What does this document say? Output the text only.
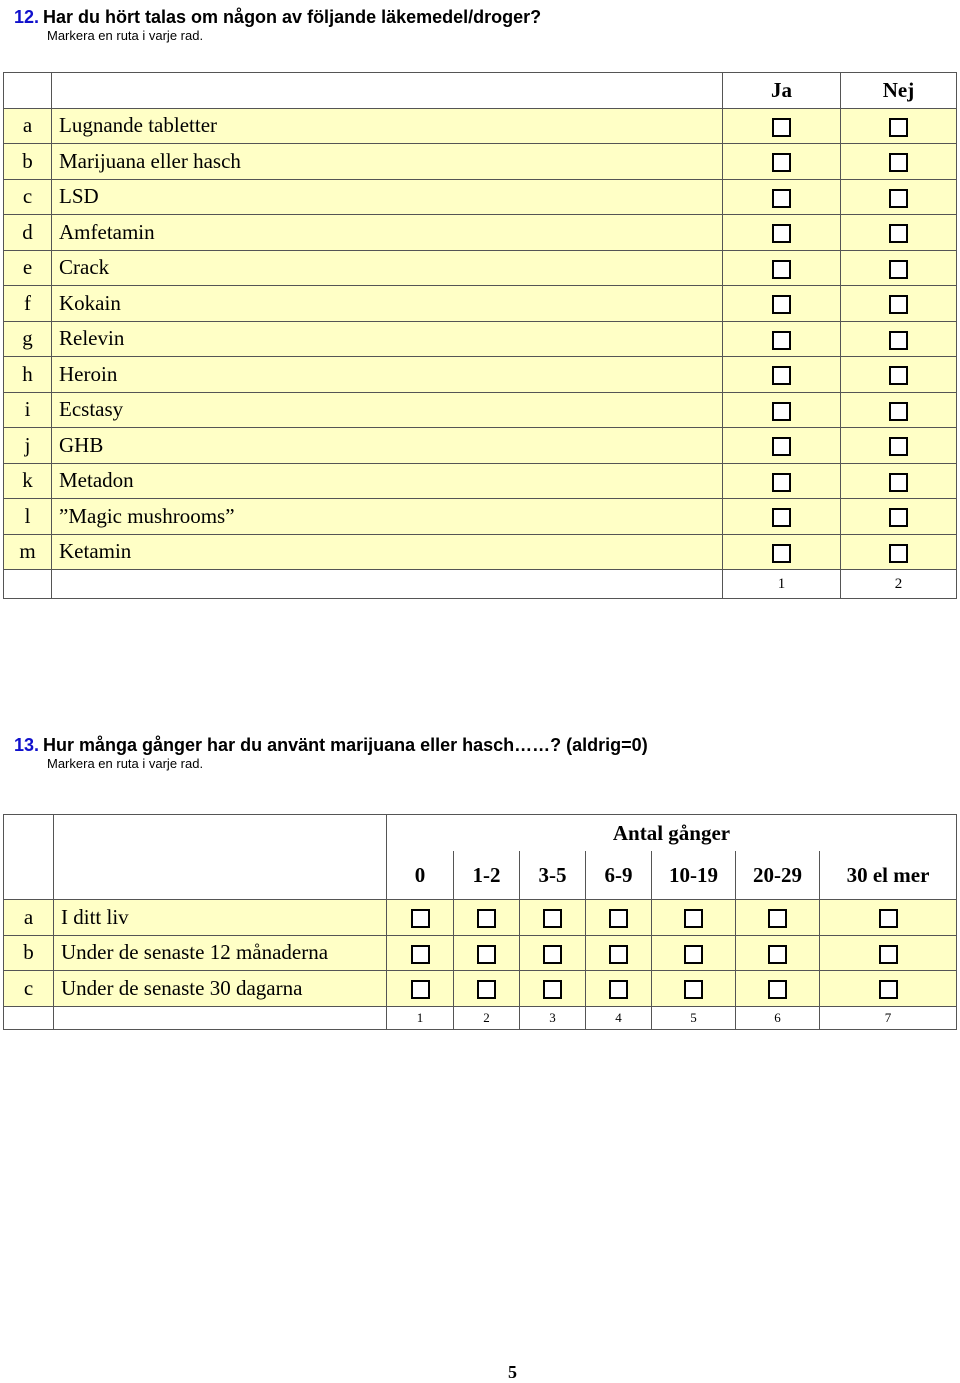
12. Har du hört talas om någon av följande läkemedel/droger?
Markera en ruta i varje rad.
		Ja	Nej
a	Lugnande tabletter		
b	Marijuana eller hasch		
c	LSD		
d	Amfetamin		
e	Crack		
f	Kokain		
g	Relevin		
h	Heroin		
i	Ecstasy		
j	GHB		
k	Metadon		
l	”Magic mushrooms”		
m	Ketamin		
		1	2
13. Hur många gånger har du använt marijuana eller hasch……? (aldrig=0)
Markera en ruta i varje rad.
		Antal gånger						
		0	1-2	3-5	6-9	10-19	20-29	30 el mer
a	I ditt liv							
b	Under de senaste 12 månaderna							
c	Under de senaste 30 dagarna							
		1	2	3	4	5	6	7
5
